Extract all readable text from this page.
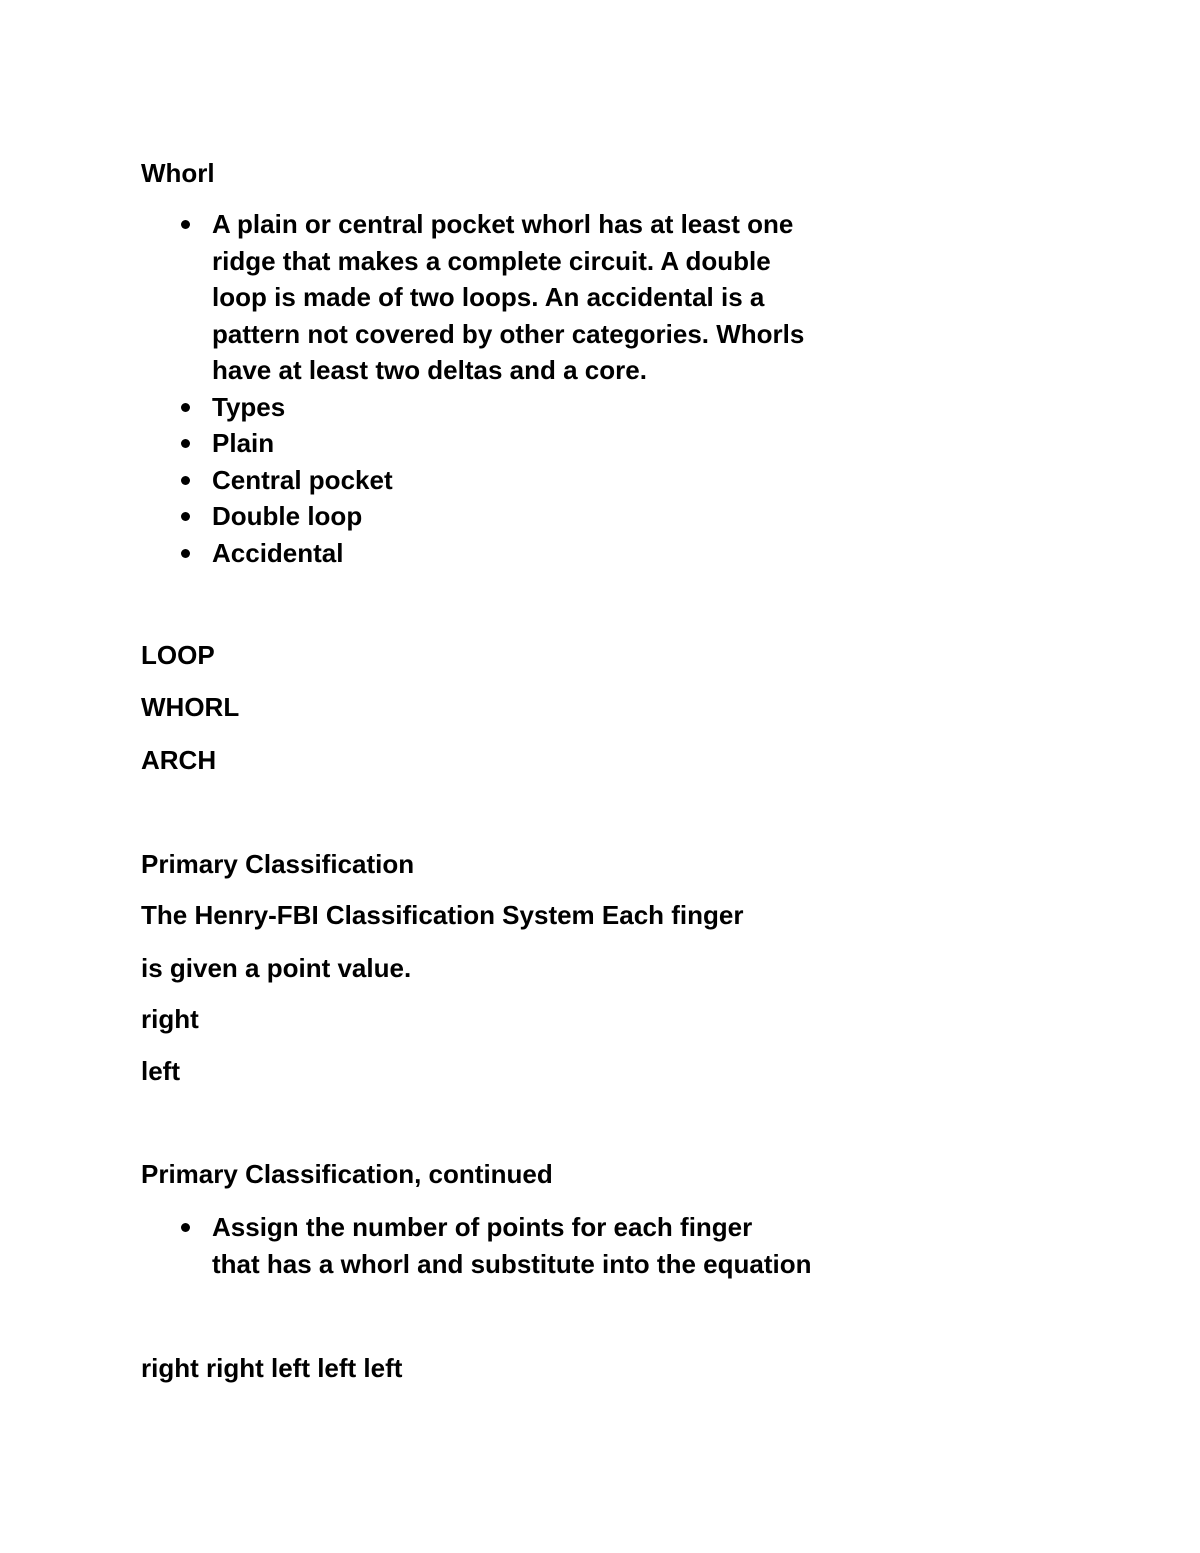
Whorl
A plain or central pocket whorl has at least one
ridge that makes a complete circuit. A double
loop is made of two loops. An accidental is a
pattern not covered by other categories. Whorls
have at least two deltas and a core.
Types
Plain
Central pocket
Double loop
Accidental
LOOP
WHORL
ARCH
Primary Classification
The Henry-FBI Classification System Each finger
is given a point value.
right
left
Primary Classification, continued
Assign the number of points for each finger
that has a whorl and substitute into the equation
right right left left left
